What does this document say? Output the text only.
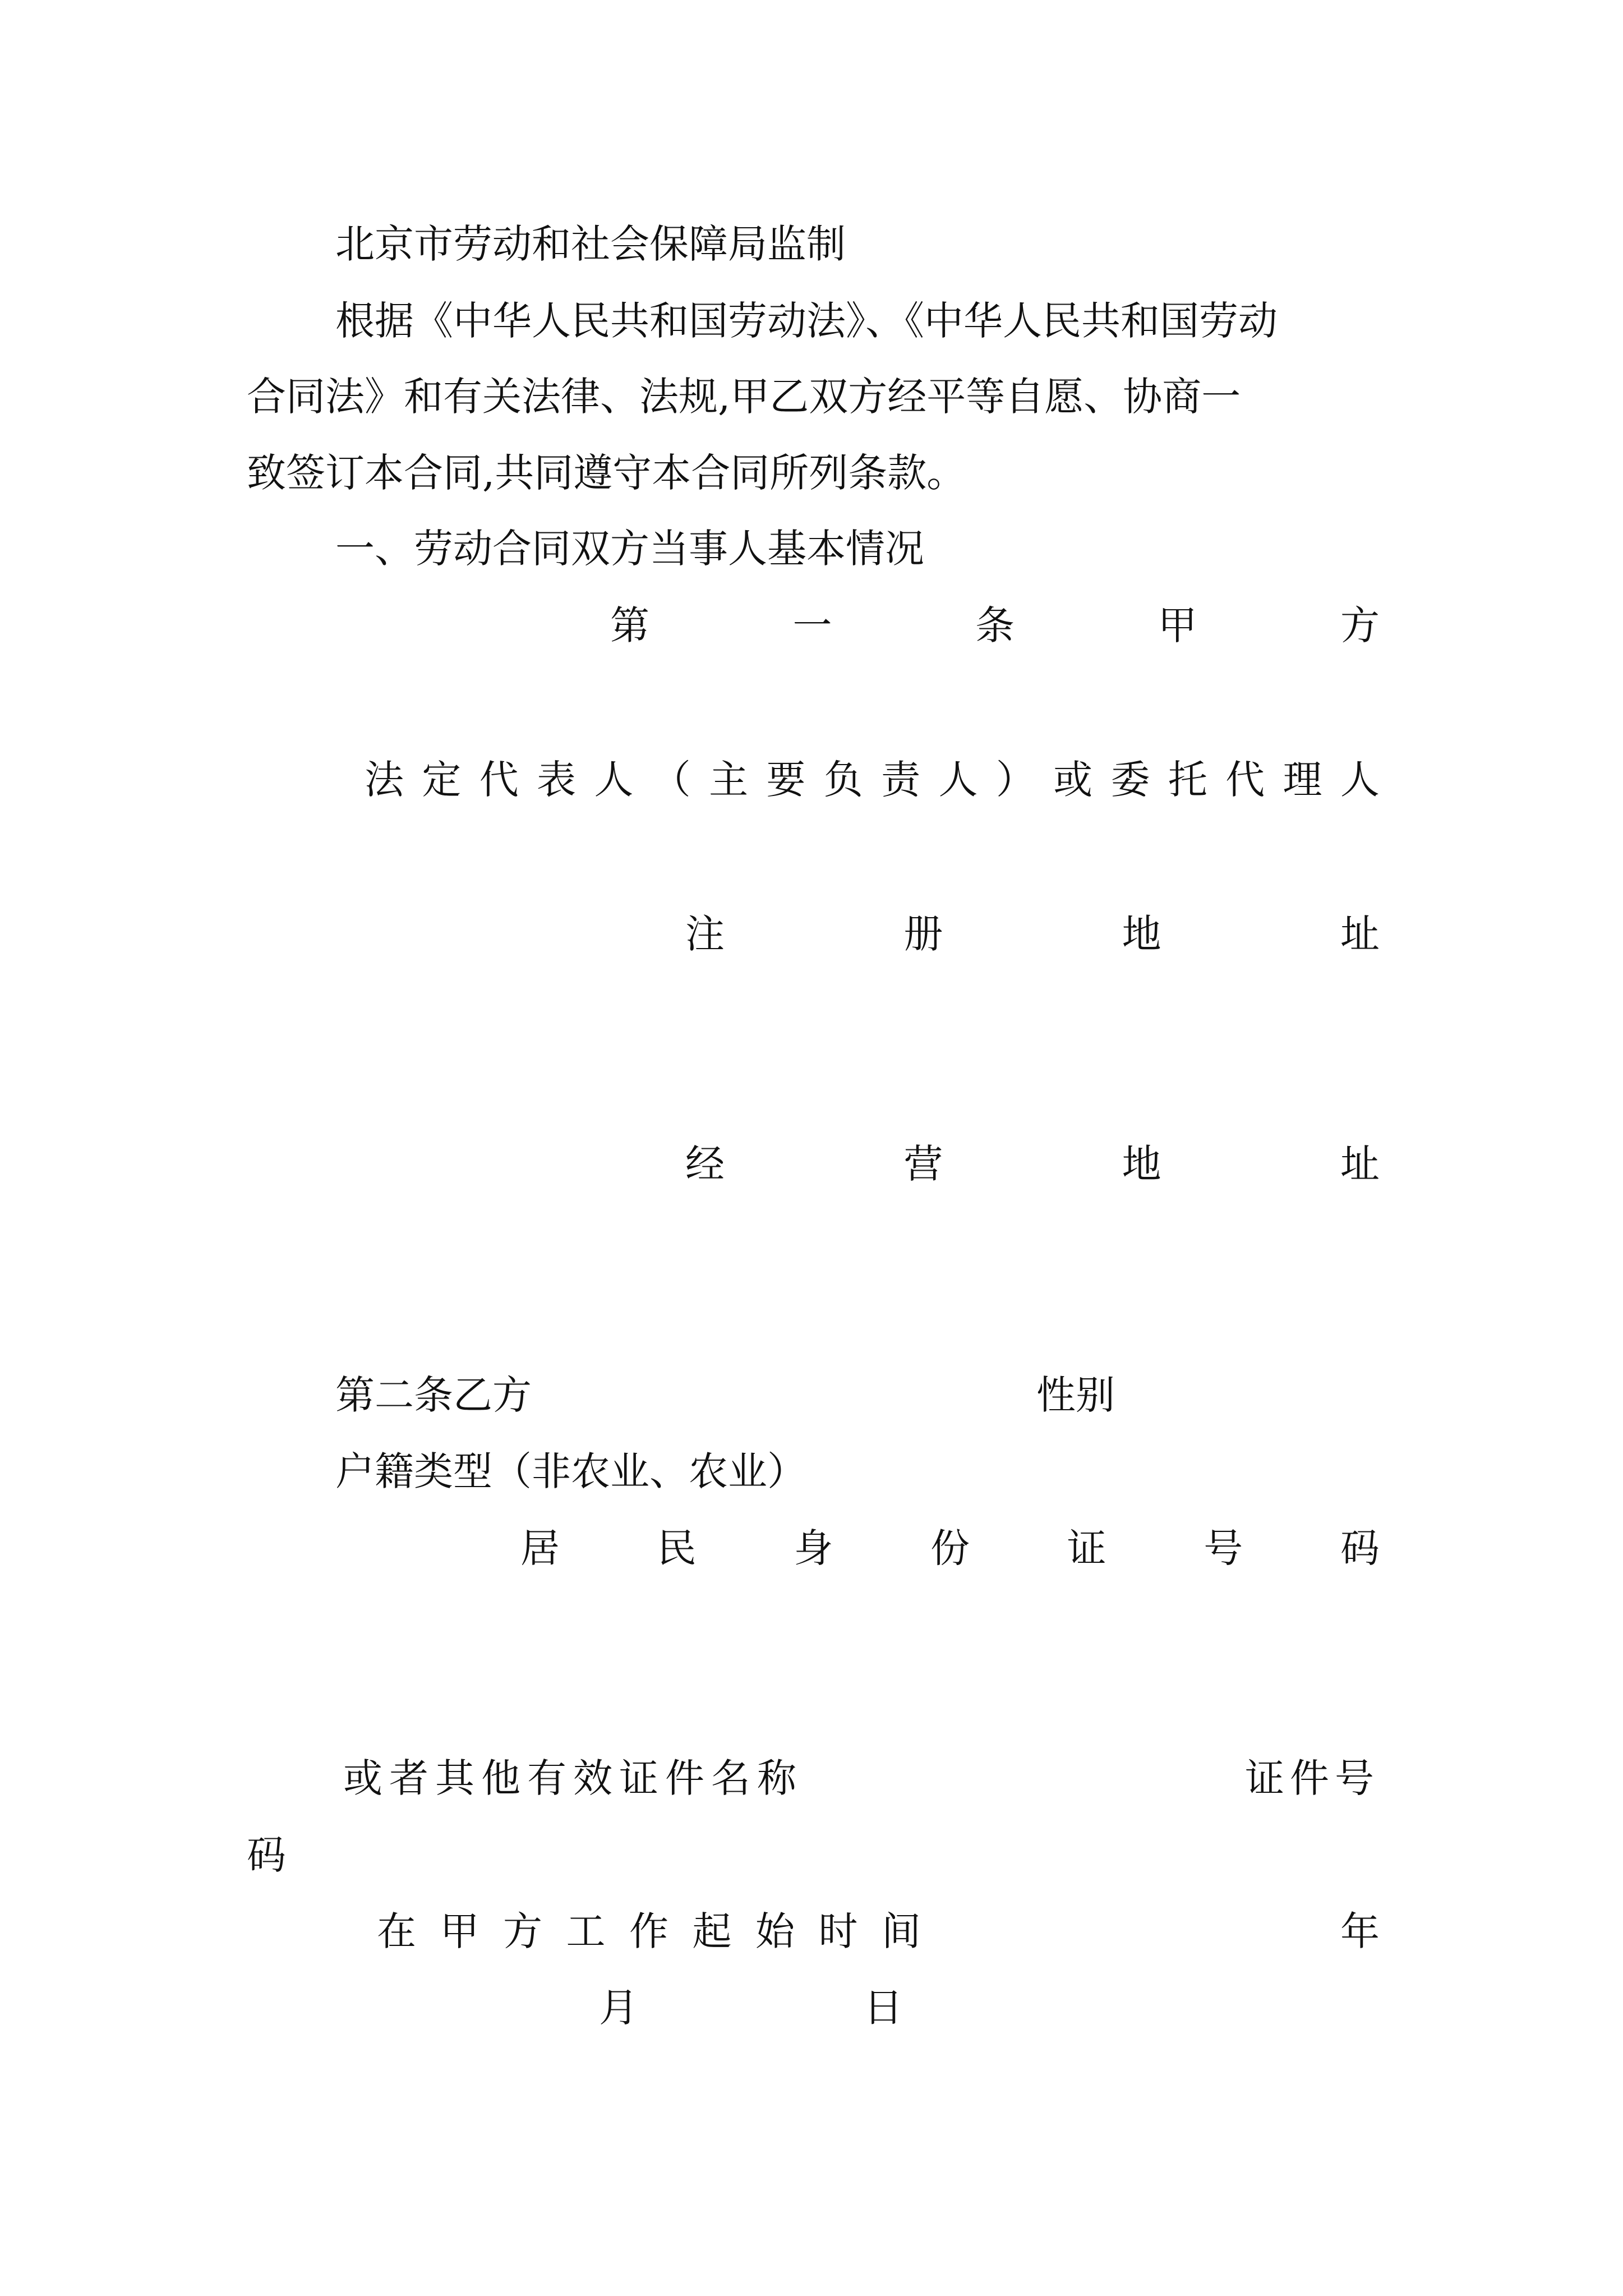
北京市劳动和社会保障局监制
根据《中华人民共和国劳动法》、《中华人民共和国劳动
合同法》和有关法律、法规,甲乙双方经平等自愿、协商一
致签订本合同,共同遵守本合同所列条款。
一、劳动合同双方当事人基本情况
第	一	条	甲	方
法 定 代 表 人 （ 主 要 负 责 人 ） 或 委 托 代 理 人
注	册	地	址
经	营	地	址
第二条乙方	性别
户籍类型（非农业、农业）
居 民 身 份 证 号 码
或者其他有效证件名称	证件号
码
在 甲 方 工 作 起 始 时 间	年
月	日
